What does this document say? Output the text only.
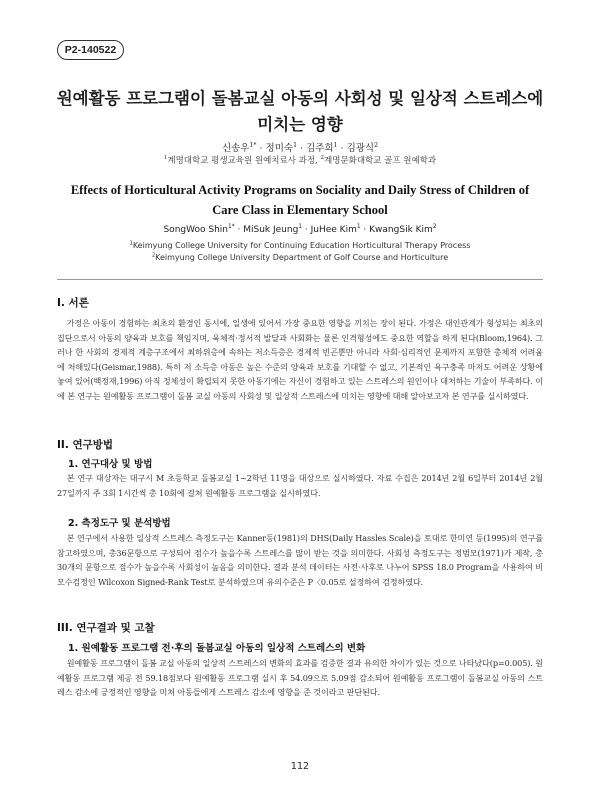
P2-140522
원예활동 프로그램이 돌봄교실 아동의 사회성 및 일상적 스트레스에
미치는 영향
신송우$^{1*}$ · 정미숙$^1$ · 김주희$^1$ · 김광식$^2$
$^1$계명대학교 평생교육원 원예치료사 과정, $^2$계명문화대학교 골프 원예학과
Effects of Horticultural Activity Programs on Sociality and Daily Stress of Children of
Care Class in Elementary School
SongWoo Shin$^{1*}$ · MiSuk Jeung$^1$ · JuHee Kim$^1$ · KwangSik Kim$^2$
$^1$Keimyung College University for Continuing Education Horticultural Therapy Process
$^2$Keimyung College University Department of Golf Course and Horticulture
I. 서론

가정은 아동이 경험하는 최초의 환경인 동시에, 일생에 있어서 가장 중요한 영향을 끼치는 장이 된다. 가정은 대인관계가 형성되는 최초의 집단으로서 아동의 양육과 보호를 책임지며, 육체적·정서적 발달과 사회화는 물론 인격형성에도 중요한 역할을 하게 된다(Bloom,1964). 그러나 한 사회의 경제적 계층구조에서 최하위층에 속하는 저소득층은 경제적 빈곤뿐만 아니라 사회·심리적인 문제까지 포함한 총체적 어려움에 처해있다(Geismar,1988). 특히 저 소득층 아동은 높은 수준의 양육과 보호를 기대할 수 없고, 기본적인 욕구충족 마저도 어려운 상황에 놓여 있어(백정재,1996) 아직 정체성이 확립되지 못한 아동기에는 자신이 경험하고 있는 스트레스의 원인이나 대처하는 기술이 부족하다. 이에 본 연구는 원예활동 프로그램이 돌봄 교실 아동의 사회성 및 일상적 스트레스에 미치는 영향에 대해 알아보고자 본 연구를 실시하였다.

II. 연구방법
1. 연구대상 및 방법

본 연구 대상자는 대구시 M 초등학교 돌봄교실 1~2학년 11명을 대상으로 실시하였다. 자료 수집은 2014년 2월 6일부터 2014년 2월 27일까지 주 3회 1시간씩 총 10회에 걸쳐 원예활동 프로그램을 실시하였다.

2. 측정도구 및 분석방법

본 연구에서 사용한 일상적 스트레스 측정도구는 Kanner등(1981)의 DHS(Daily Hassles Scale)을 토대로 한미연 등(1995)의 연구를 참고하였으며, 총36문항으로 구성되어 점수가 높을수록 스트레스를 많이 받는 것을 의미한다. 사회성 측정도구는 정범모(1971)가 제작, 총30개의 문항으로 점수가 높을수록 사회성이 높음을 의미한다. 결과 분석 데이터는 사전·사후로 나누어 SPSS 18.0 Program을 사용하여 비모수검정인 Wilcoxon Signed-Rank Test로 분석하였으며 유의수준은 P〈0.05로 설정하여 검정하였다.

III. 연구결과 및 고찰
1. 원예활동 프로그램 전·후의 돌봄교실 아동의 일상적 스트레스의 변화

원예활동 프로그램이 돌봄 교실 아동의 일상적 스트레스의 변화의 효과를 검증한 결과 유의한 차이가 있는 것으로 나타났다(p=0.005). 원예활동 프로그램 제공 전 59.18점보다 원예활동 프로그램 실시 후 54.09으로 5.09점 감소되어 원예활동 프로그램이 돌봄교실 아동의 스트레스 감소에 긍정적인 영향을 미쳐 아동들에게 스트레스 감소에 영향을 준 것이라고 판단된다.

112
